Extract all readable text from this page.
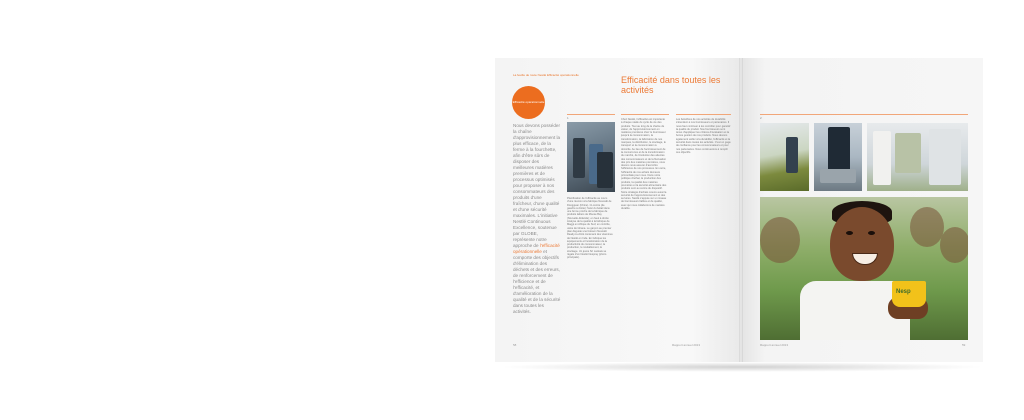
La feuille de route Nestlé Efficacité opérationnelle
Efficacité opérationnelle
Efficacité dans toutes les activités
1	2
Nous devons posséder la chaîne d'approvisionnement la plus efficace, de la ferme à la fourchette, afin d'être sûrs de disposer des meilleures matières premières et de processus optimisés pour proposer à nos consommateurs des produits d'une fraîcheur, d'une qualité et d'une sécurité maximales. L'initiative Nestlé Continuous Excellence, soutenue par GLOBE, représente notre approche de l'efficacité opérationnelle et comporte des objectifs d'élimination des déchets et des erreurs, de renforcement de l'efficience et de l'efficacité, et d'amélioration de la qualité et de la sécurité dans toutes les activités.
Planification de l'efficacité au cours d'une réunion à la fabrique Nescafé de Dongguan (Chine). Ci-contre (de gauche à droite): Suivi du bétail dans une ferme proche de la fabrique de produits laitiers de Moose Bay (Nouvelle-Zélande); en haut à droite: Analyse de la qualité à la fabrique de Maggi en Afrique du Sud; en contrôle, usine de Ghana. Le garçon au premier plan déguste une boisson Nescafé Ready-to-drink contenant des vitamines de Nestlé en Inde. En fabrique les équipements et l'amélioration de la productivité du consommateur, la production, le ravitaillement, le stockage. Un jeune Sri Lankais se régale d'un Nestlé Nespray (photo principale).
Chez Nestlé, l'efficacité est importante à chaque stade du cycle de vie des produits. Tout au long de la chaîne de valeur, de l'approvisionnement en matières premières chez le fournisseur jusqu'à la consommation, la transformation, la fabrication de nos marques, la distribution, le stockage, le transport et la consommation à domicile. Au lieu de l'accroissement de la concurrence et de la transformation du marché, de l'évolution des attentes des consommateurs et de la fluctuation des prix des matières premières, nous devons nous assurer d'accroître l'efficience de nos processus. En outre, l'efficacité de nos achats demeure primordiale pour nous. Dans notre politique d'achat, la production des produits, la qualité des matières premières et la sécurité alimentaire des produits sont au centre du dispositif. Notre stratégie d'achats couvre aussi la sécurité de l'approvisionnement et des services. Nestlé s'appuie sur un réseau de fournisseurs fiables et de qualité, avec qui nous collaborons de manière durable.
Les bénéfices de nos activités de durabilité s'étendent à nos fournisseurs et partenaires. Il nous faut continuer à les contrôler pour garantir la qualité du produit. Nos fournisseurs sont tenus d'appliquer les critères d'évaluation et la bonne gestion de nos produits. Nous devons également veiller à la durabilité, l'efficacité et la sécurité dans toutes les activités. C'est un gage de confiance pour les consommateurs et pour nos partenaires. Nous continuerons à remplir ces objectifs.
Nesp
58	Rapport annuel 2013	Rapport annuel 2013	59
